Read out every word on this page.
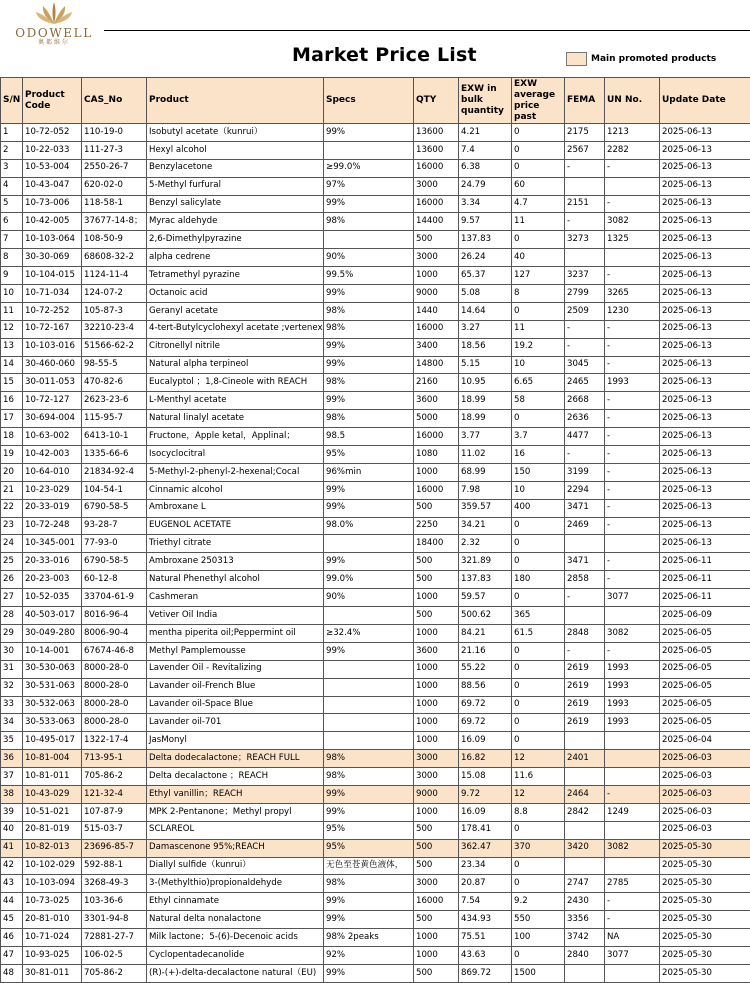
ODOWELL
奥都维尔
Market Price List	Main promoted products
S/N	Product Code	CAS_No	Product	Specs	QTY	EXW in bulk quantity	EXW average price past	FEMA	UN No.	Update Date
1	10-72-052	110-19-0	Isobutyl acetate（kunrui）	99%	13600	4.21	0	2175	1213	2025-06-13
2	10-22-033	111-27-3	Hexyl alcohol		13600	7.4	0	2567	2282	2025-06-13
3	10-53-004	2550-26-7	Benzylacetone	≥99.0%	16000	6.38	0	-	-	2025-06-13
4	10-43-047	620-02-0	5-Methyl furfural	97%	3000	24.79	60			2025-06-13
5	10-73-006	118-58-1	Benzyl salicylate	99%	16000	3.34	4.7	2151	-	2025-06-13
6	10-42-005	37677-14-8；	Myrac aldehyde	98%	14400	9.57	11	-	3082	2025-06-13
7	10-103-064	108-50-9	2,6-Dimethylpyrazine		500	137.83	0	3273	1325	2025-06-13
8	30-30-069	68608-32-2	alpha cedrene	90%	3000	26.24	40			2025-06-13
9	10-104-015	1124-11-4	Tetramethyl pyrazine	99.5%	1000	65.37	127	3237	-	2025-06-13
10	10-71-034	124-07-2	Octanoic acid	99%	9000	5.08	8	2799	3265	2025-06-13
11	10-72-252	105-87-3	Geranyl acetate	98%	1440	14.64	0	2509	1230	2025-06-13
12	10-72-167	32210-23-4	4-tert-Butylcyclohexyl acetate ;vertenex	98%	16000	3.27	11	-	-	2025-06-13
13	10-103-016	51566-62-2	Citronellyl nitrile	99%	3400	18.56	19.2	-	-	2025-06-13
14	30-460-060	98-55-5	Natural alpha terpineol	99%	14800	5.15	10	3045	-	2025-06-13
15	30-011-053	470-82-6	Eucalyptol ；1,8-Cineole with REACH	98%	2160	10.95	6.65	2465	1993	2025-06-13
16	10-72-127	2623-23-6	L-Menthyl acetate	99%	3600	18.99	58	2668	-	2025-06-13
17	30-694-004	115-95-7	Natural linalyl acetate	98%	5000	18.99	0	2636	-	2025-06-13
18	10-63-002	6413-10-1	Fructone，Apple ketal，Applinal；	98.5	16000	3.77	3.7	4477	-	2025-06-13
19	10-42-003	1335-66-6	Isocyclocitral	95%	1080	11.02	16	-	-	2025-06-13
20	10-64-010	21834-92-4	5-Methyl-2-phenyl-2-hexenal;Cocal	96%min	1000	68.99	150	3199	-	2025-06-13
21	10-23-029	104-54-1	Cinnamic alcohol	99%	16000	7.98	10	2294	-	2025-06-13
22	20-33-019	6790-58-5	Ambroxane L	99%	500	359.57	400	3471	-	2025-06-13
23	10-72-248	93-28-7	EUGENOL ACETATE	98.0%	2250	34.21	0	2469	-	2025-06-13
24	10-345-001	77-93-0	Triethyl citrate		18400	2.32	0			2025-06-13
25	20-33-016	6790-58-5	Ambroxane 250313	99%	500	321.89	0	3471	-	2025-06-11
26	20-23-003	60-12-8	Natural Phenethyl alcohol	99.0%	500	137.83	180	2858	-	2025-06-11
27	10-52-035	33704-61-9	Cashmeran	90%	1000	59.57	0	-	3077	2025-06-11
28	40-503-017	8016-96-4	Vetiver Oil India		500	500.62	365			2025-06-09
29	30-049-280	8006-90-4	mentha piperita oil;Peppermint oil	≥32.4%	1000	84.21	61.5	2848	3082	2025-06-05
30	10-14-001	67674-46-8	Methyl Pamplemousse	99%	3600	21.16	0	-	-	2025-06-05
31	30-530-063	8000-28-0	Lavender Oil - Revitalizing		1000	55.22	0	2619	1993	2025-06-05
32	30-531-063	8000-28-0	Lavander oil-French Blue		1000	88.56	0	2619	1993	2025-06-05
33	30-532-063	8000-28-0	Lavander oil-Space Blue		1000	69.72	0	2619	1993	2025-06-05
34	30-533-063	8000-28-0	Lavander oil-701		1000	69.72	0	2619	1993	2025-06-05
35	10-495-017	1322-17-4	JasMonyl		1000	16.09	0			2025-06-04
36	10-81-004	713-95-1	Delta dodecalactone；REACH FULL	98%	3000	16.82	12	2401		2025-06-03
37	10-81-011	705-86-2	Delta decalactone ；REACH	98%	3000	15.08	11.6			2025-06-03
38	10-43-029	121-32-4	Ethyl vanillin；REACH	99%	9000	9.72	12	2464	-	2025-06-03
39	10-51-021	107-87-9	MPK 2-Pentanone；Methyl propyl	99%	1000	16.09	8.8	2842	1249	2025-06-03
40	20-81-019	515-03-7	SCLAREOL	95%	500	178.41	0			2025-06-03
41	10-82-013	23696-85-7	Damascenone 95%;REACH	95%	500	362.47	370	3420	3082	2025-05-30
42	10-102-029	592-88-1	Diallyl sulfide（kunrui）	无色至苍黄色液体，	500	23.34	0			2025-05-30
43	10-103-094	3268-49-3	3-(Methylthio)propionaldehyde	98%	3000	20.87	0	2747	2785	2025-05-30
44	10-73-025	103-36-6	Ethyl cinnamate	99%	16000	7.54	9.2	2430	-	2025-05-30
45	20-81-010	3301-94-8	Natural delta nonalactone	99%	500	434.93	550	3356	-	2025-05-30
46	10-71-024	72881-27-7	Milk lactone；5-(6)-Decenoic acids	98% 2peaks	1000	75.51	100	3742	NA	2025-05-30
47	10-93-025	106-02-5	Cyclopentadecanolide	92%	1000	43.63	0	2840	3077	2025-05-30
48	30-81-011	705-86-2	(R)-(+)-delta-decalactone natural（EU)	99%	500	869.72	1500			2025-05-30
